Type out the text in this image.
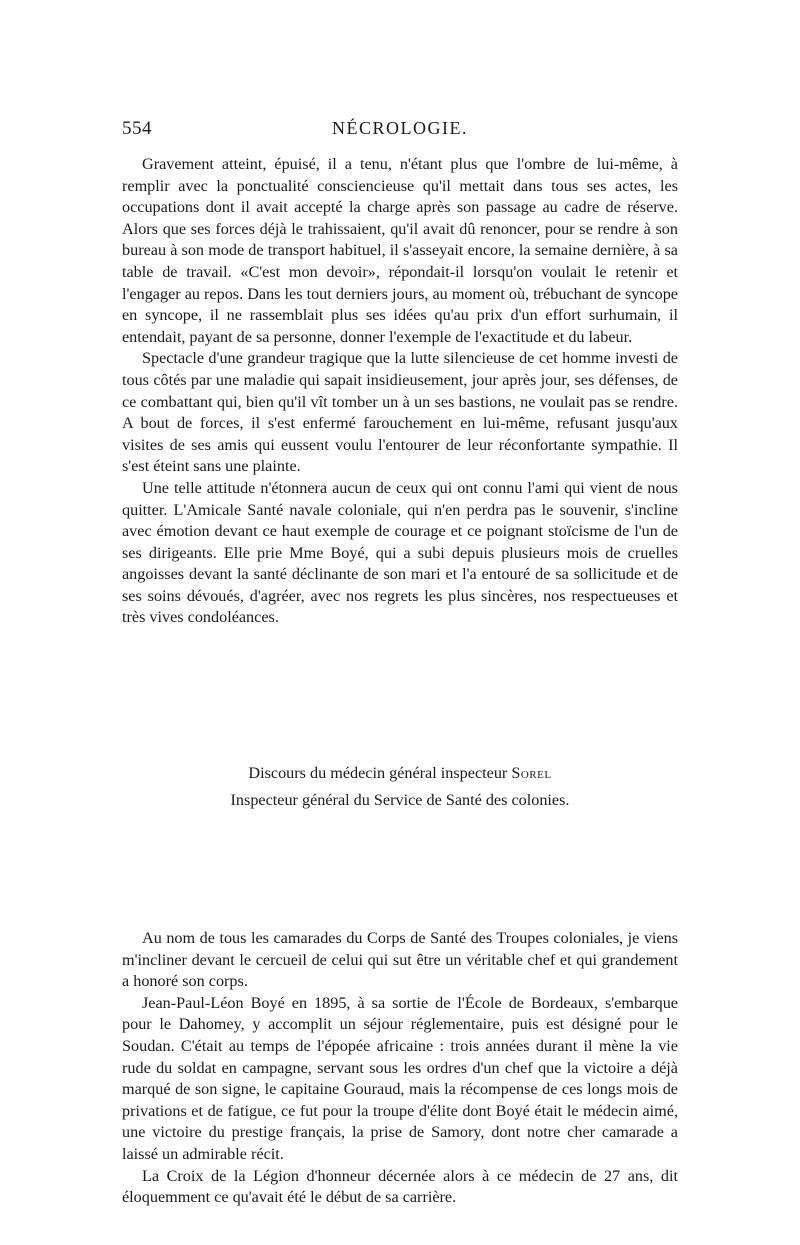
554	NÉCROLOGIE.

Gravement atteint, épuisé, il a tenu, n'étant plus que l'ombre de lui-même, à remplir avec la ponctualité consciencieuse qu'il mettait dans tous ses actes, les occupations dont il avait accepté la charge après son passage au cadre de réserve. Alors que ses forces déjà le trahissaient, qu'il avait dû renoncer, pour se rendre à son bureau à son mode de transport habituel, il s'asseyait encore, la semaine dernière, à sa table de travail. «C'est mon devoir», répondait-il lorsqu'on voulait le retenir et l'engager au repos. Dans les tout derniers jours, au moment où, trébuchant de syncope en syncope, il ne rassemblait plus ses idées qu'au prix d'un effort surhumain, il entendait, payant de sa personne, donner l'exemple de l'exactitude et du labeur.

Spectacle d'une grandeur tragique que la lutte silencieuse de cet homme investi de tous côtés par une maladie qui sapait insidieusement, jour après jour, ses défenses, de ce combattant qui, bien qu'il vît tomber un à un ses bastions, ne voulait pas se rendre. A bout de forces, il s'est enfermé farouchement en lui-même, refusant jusqu'aux visites de ses amis qui eussent voulu l'entourer de leur réconfortante sympathie. Il s'est éteint sans une plainte.

Une telle attitude n'étonnera aucun de ceux qui ont connu l'ami qui vient de nous quitter. L'Amicale Santé navale coloniale, qui n'en perdra pas le souvenir, s'incline avec émotion devant ce haut exemple de courage et ce poignant stoïcisme de l'un de ses dirigeants. Elle prie Mme Boyé, qui a subi depuis plusieurs mois de cruelles angoisses devant la santé déclinante de son mari et l'a entouré de sa sollicitude et de ses soins dévoués, d'agréer, avec nos regrets les plus sincères, nos respectueuses et très vives condoléances.

Discours du médecin général inspecteur Sorel
Inspecteur général du Service de Santé des colonies.

Au nom de tous les camarades du Corps de Santé des Troupes coloniales, je viens m'incliner devant le cercueil de celui qui sut être un véritable chef et qui grandement a honoré son corps.

Jean-Paul-Léon Boyé en 1895, à sa sortie de l'École de Bordeaux, s'embarque pour le Dahomey, y accomplit un séjour réglementaire, puis est désigné pour le Soudan. C'était au temps de l'épopée africaine : trois années durant il mène la vie rude du soldat en campagne, servant sous les ordres d'un chef que la victoire a déjà marqué de son signe, le capitaine Gouraud, mais la récompense de ces longs mois de privations et de fatigue, ce fut pour la troupe d'élite dont Boyé était le médecin aimé, une victoire du prestige français, la prise de Samory, dont notre cher camarade a laissé un admirable récit.

La Croix de la Légion d'honneur décernée alors à ce médecin de 27 ans, dit éloquemment ce qu'avait été le début de sa carrière.
